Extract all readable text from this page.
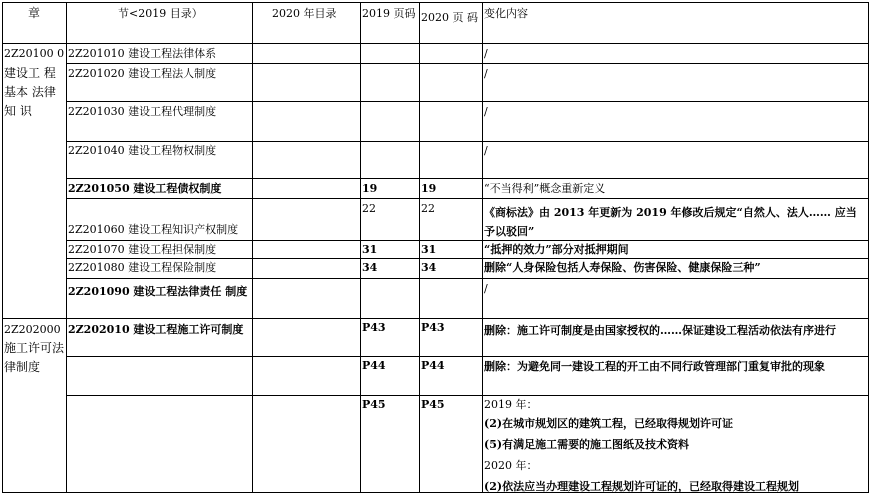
章	节<2019 目录）	2020 年目录 2019 页码 2020 页 码 变化内容
2Z20100 0
建设工 程 基本 法律 知 识
2Z202000
施工许可法律制度
2Z201010 建设工程法律体系
2Z201020 建设工程法人制度
2Z201030 建设工程代理制度
2Z201040 建设工程物权制度
2Z201050 建设工程债权制度
2Z201060 建设工程知识产权制度
2Z201070 建设工程担保制度
2Z201080 建设工程保险制度
2Z201090 建设工程法律责任 制度
2Z202010 建设工程施工许可制度
19
22
31
34
P43
P44
P45
19
22
31
34
P43
P44
P45
/
/
/
/
“不当得利”概念重新定义
《商标法》由 2013 年更新为 2019 年修改后规定“自然人、法人…… 应当予以驳回”
“抵押的效力”部分对抵押期间
删除“人身保险包括人寿保险、伤害保险、健康保险三种”
/
删除：施工许可制度是由国家授权的……保证建设工程活动依法有序进行
删除：为避免同一建设工程的开工由不同行政管理部门重复审批的现象
2019 年：
(2)在城市规划区的建筑工程，已经取得规划许可证
(5)有满足施工需要的施工图纸及技术资料
2020 年：
(2)依法应当办理建设工程规划许可证的，已经取得建设工程规划
